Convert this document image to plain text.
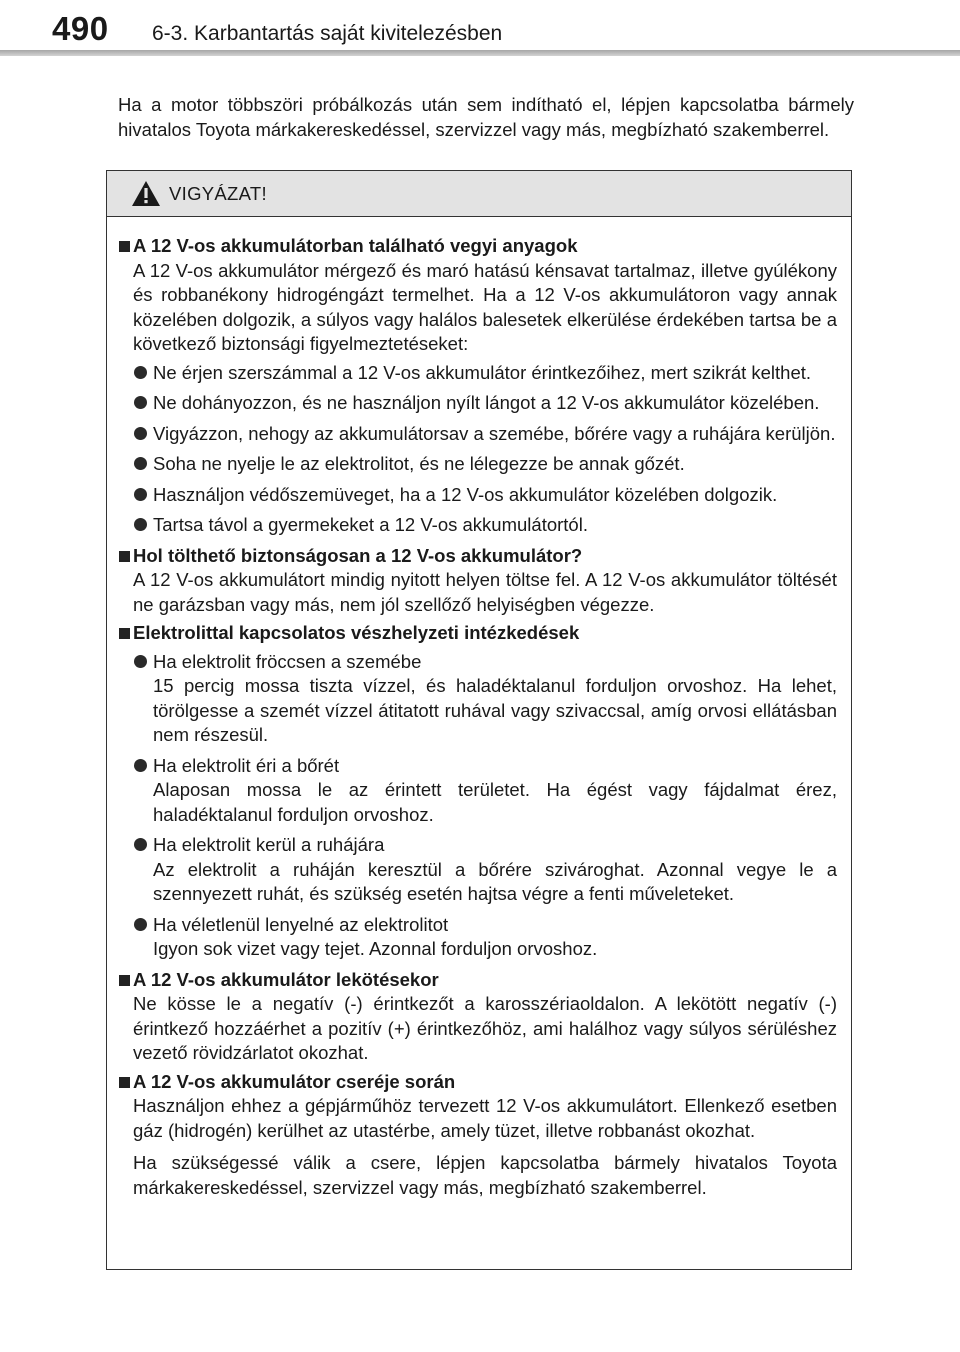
490 6-3. Karbantartás saját kivitelezésben
Ha a motor többszöri próbálkozás után sem indítható el, lépjen kapcsolatba bármely hivatalos Toyota márkakereskedéssel, szervizzel vagy más, megbízható szakemberrel.
VIGYÁZAT!
A 12 V-os akkumulátorban található vegyi anyagok
A 12 V-os akkumulátor mérgező és maró hatású kénsavat tartalmaz, illetve gyúlékony és robbanékony hidrogéngázt termelhet. Ha a 12 V-os akkumulátoron vagy annak közelében dolgozik, a súlyos vagy halálos balesetek elkerülése érdekében tartsa be a következő biztonsági figyelmeztetéseket:
Ne érjen szerszámmal a 12 V-os akkumulátor érintkezőihez, mert szikrát kelthet.
Ne dohányozzon, és ne használjon nyílt lángot a 12 V-os akkumulátor közelében.
Vigyázzon, nehogy az akkumulátorsav a szemébe, bőrére vagy a ruhájára kerüljön.
Soha ne nyelje le az elektrolitot, és ne lélegezze be annak gőzét.
Használjon védőszemüveget, ha a 12 V-os akkumulátor közelében dolgozik.
Tartsa távol a gyermekeket a 12 V-os akkumulátortól.
Hol tölthető biztonságosan a 12 V-os akkumulátor?
A 12 V-os akkumulátort mindig nyitott helyen töltse fel. A 12 V-os akkumulátor töltését ne garázsban vagy más, nem jól szellőző helyiségben végezze.
Elektrolittal kapcsolatos vészhelyzeti intézkedések
Ha elektrolit fröccsen a szemébe
15 percig mossa tiszta vízzel, és haladéktalanul forduljon orvoshoz. Ha lehet, törölgesse a szemét vízzel átitatott ruhával vagy szivaccsal, amíg orvosi ellátásban nem részesül.
Ha elektrolit éri a bőrét
Alaposan mossa le az érintett területet. Ha égést vagy fájdalmat érez, haladéktalanul forduljon orvoshoz.
Ha elektrolit kerül a ruhájára
Az elektrolit a ruháján keresztül a bőrére szivároghat. Azonnal vegye le a szennyezett ruhát, és szükség esetén hajtsa végre a fenti műveleteket.
Ha véletlenül lenyelné az elektrolitot
Igyon sok vizet vagy tejet. Azonnal forduljon orvoshoz.
A 12 V-os akkumulátor lekötésekor
Ne kösse le a negatív (-) érintkezőt a karosszériaoldalon. A lekötött negatív (-) érintkező hozzáérhet a pozitív (+) érintkezőhöz, ami halálhoz vagy súlyos sérüléshez vezető rövidzárlatot okozhat.
A 12 V-os akkumulátor cseréje során
Használjon ehhez a gépjárműhöz tervezett 12 V-os akkumulátort. Ellenkező esetben gáz (hidrogén) kerülhet az utastérbe, amely tüzet, illetve robbanást okozhat.
Ha szükségessé válik a csere, lépjen kapcsolatba bármely hivatalos Toyota márkakereskedéssel, szervizzel vagy más, megbízható szakemberrel.
